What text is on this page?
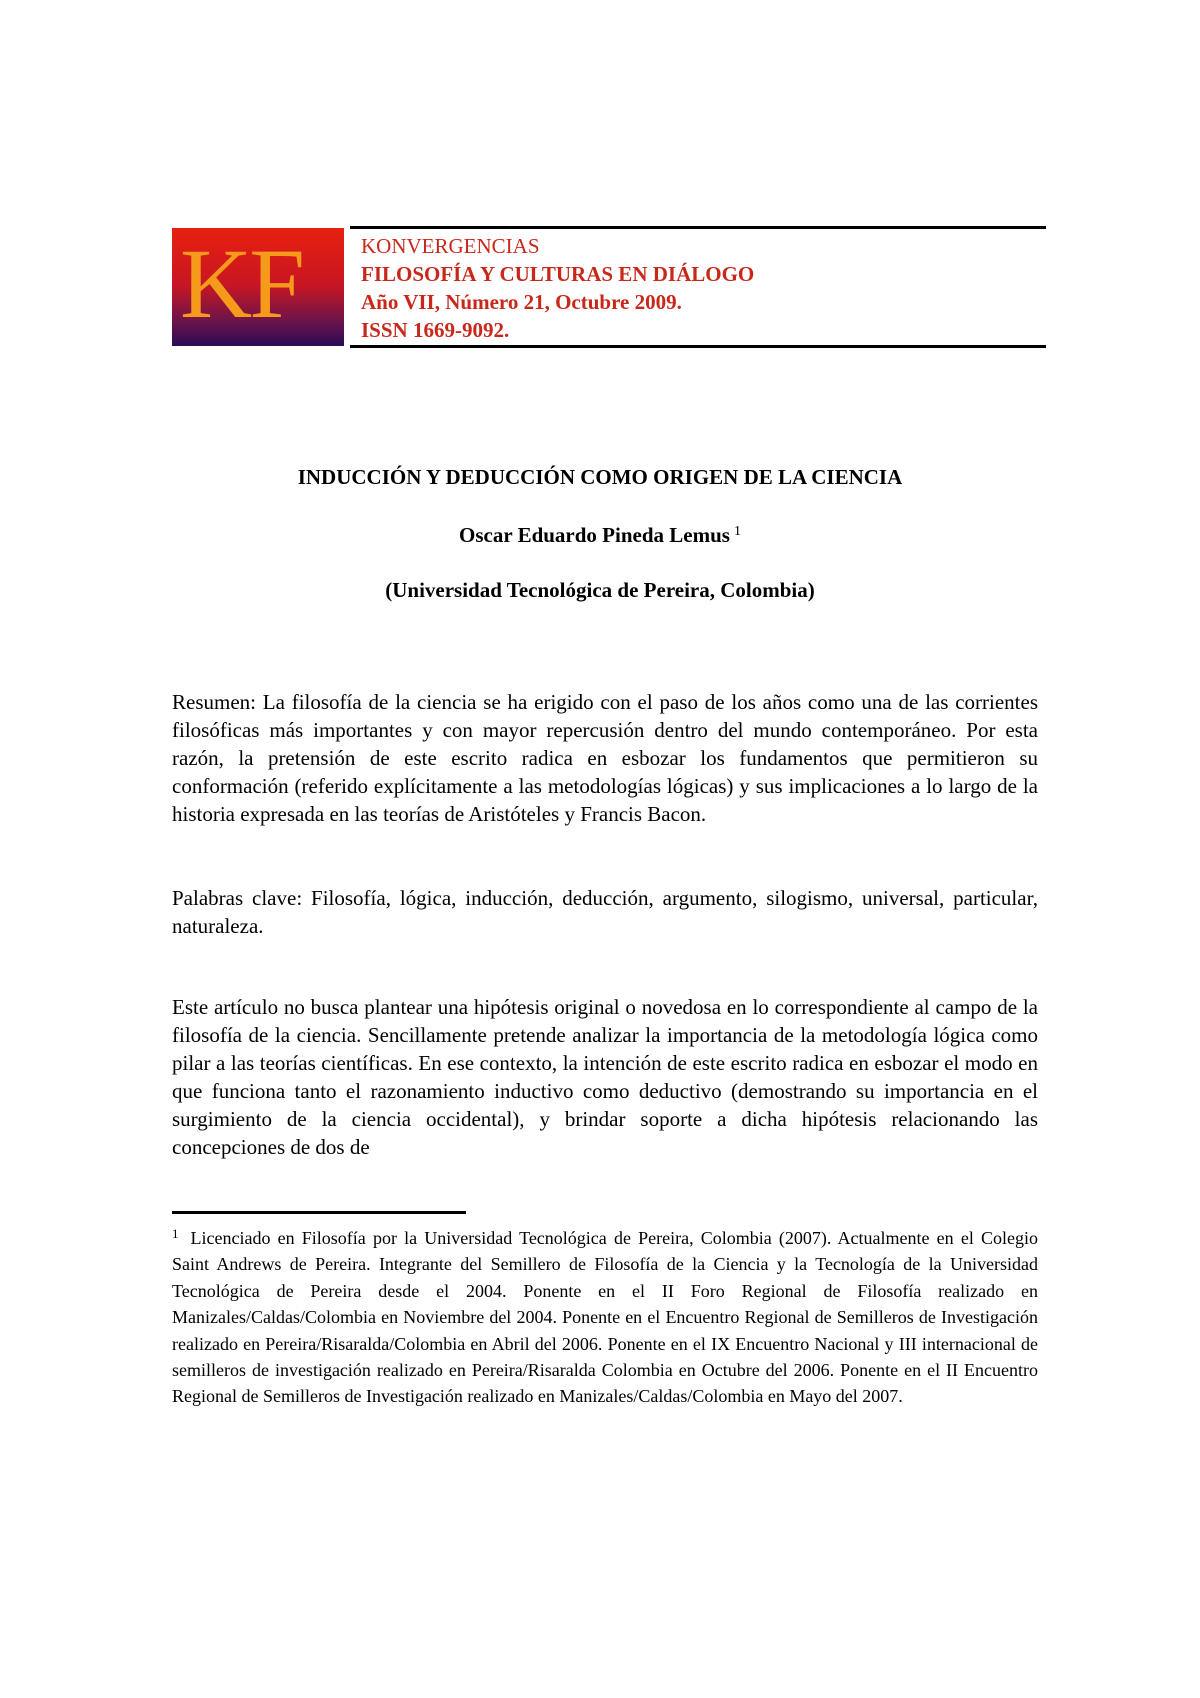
KF	KONVERGENCIAS
FILOSOFÍA Y CULTURAS EN DIÁLOGO
Año VII, Número 21, Octubre 2009.
ISSN 1669-9092.
INDUCCIÓN Y DEDUCCIÓN COMO ORIGEN DE LA CIENCIA
Oscar Eduardo Pineda Lemus $^1$
(Universidad Tecnológica de Pereira, Colombia)
Resumen: La filosofía de la ciencia se ha erigido con el paso de los años como una de las corrientes filosóficas más importantes y con mayor repercusión dentro del mundo contemporáneo. Por esta razón, la pretensión de este escrito radica en esbozar los fundamentos que permitieron su conformación (referido explícitamente a las metodologías lógicas) y sus implicaciones a lo largo de la historia expresada en las teorías de Aristóteles y Francis Bacon.
Palabras clave: Filosofía, lógica, inducción, deducción, argumento, silogismo, universal, particular, naturaleza.
Este artículo no busca plantear una hipótesis original o novedosa en lo correspondiente al campo de la filosofía de la ciencia. Sencillamente pretende analizar la importancia de la metodología lógica como pilar a las teorías científicas. En ese contexto, la intención de este escrito radica en esbozar el modo en que funciona tanto el razonamiento inductivo como deductivo (demostrando su importancia en el surgimiento de la ciencia occidental), y brindar soporte a dicha hipótesis relacionando las concepciones de dos de
$^1$ Licenciado en Filosofía por la Universidad Tecnológica de Pereira, Colombia (2007). Actualmente en el Colegio Saint Andrews de Pereira. Integrante del Semillero de Filosofía de la Ciencia y la Tecnología de la Universidad Tecnológica de Pereira desde el 2004. Ponente en el II Foro Regional de Filosofía realizado en Manizales/Caldas/Colombia en Noviembre del 2004. Ponente en el Encuentro Regional de Semilleros de Investigación realizado en Pereira/Risaralda/Colombia en Abril del 2006. Ponente en el IX Encuentro Nacional y III internacional de semilleros de investigación realizado en Pereira/Risaralda Colombia en Octubre del 2006. Ponente en el II Encuentro Regional de Semilleros de Investigación realizado en Manizales/Caldas/Colombia en Mayo del 2007.
